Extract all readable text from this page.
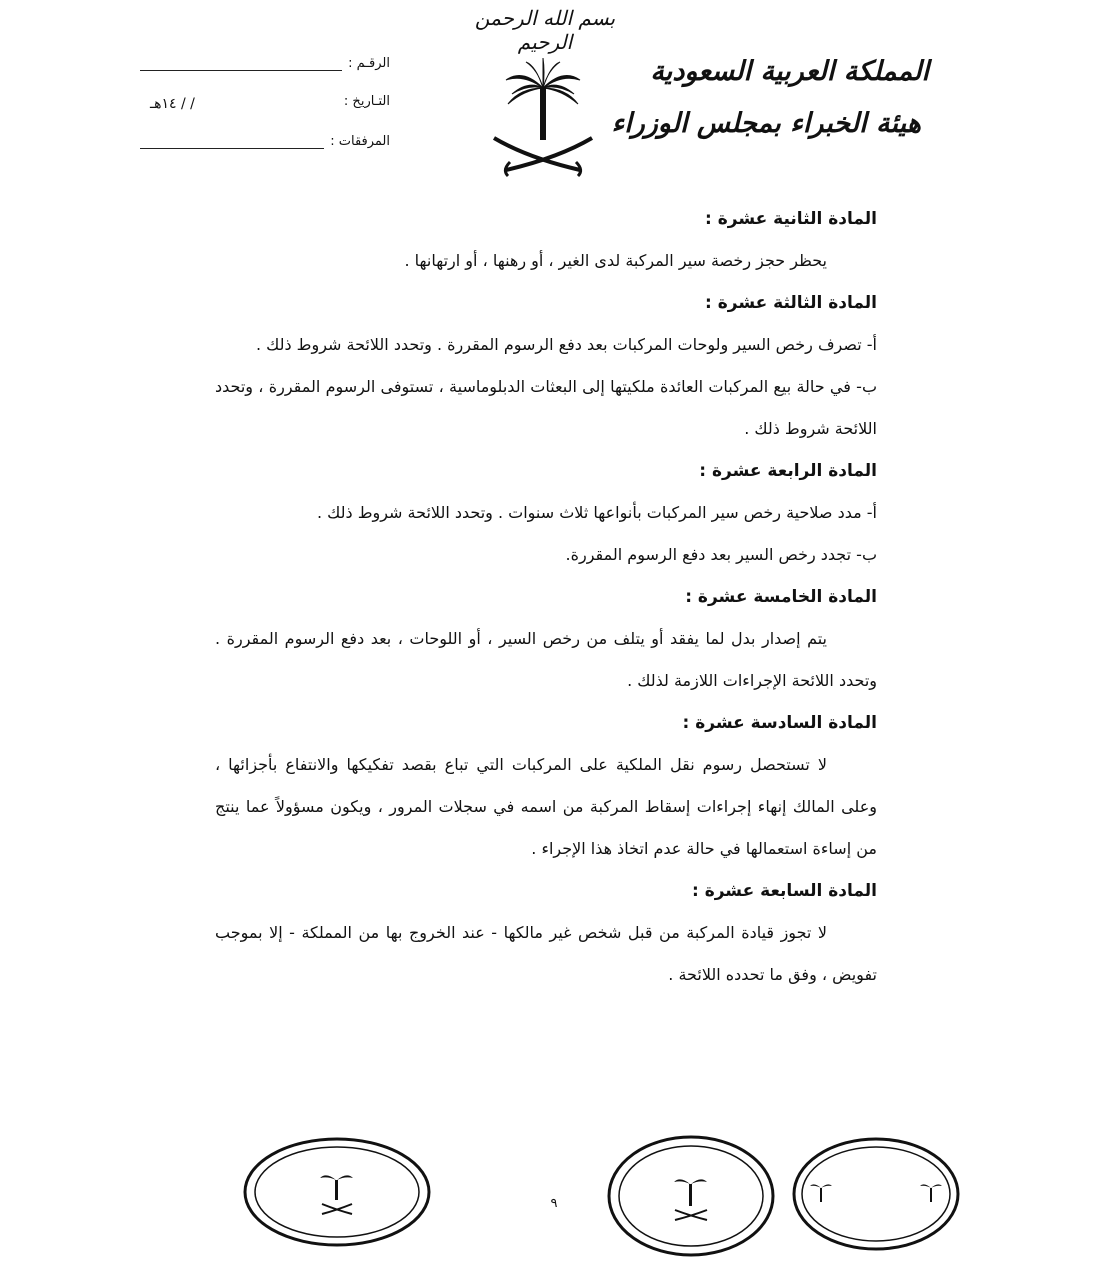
بسم الله الرحمن الرحيم
المملكة العربية السعودية
هيئة الخبراء بمجلس الوزراء
الرقـم :
التـاريخ :
/ / ١٤هـ
المرفقات :
المادة الثانية عشرة :
يحظر حجز رخصة سير المركبة لدى الغير ، أو رهنها ، أو ارتهانها .
المادة الثالثة عشرة :
أ- تصرف رخص السير ولوحات المركبات بعد دفع الرسوم المقررة . وتحدد اللائحة شروط ذلك .
ب- في حالة بيع المركبات العائدة ملكيتها إلى البعثات الدبلوماسية ، تستوفى الرسوم المقررة ، وتحدد اللائحة شروط ذلك .
المادة الرابعة عشرة :
أ- مدد صلاحية رخص سير المركبات بأنواعها ثلاث سنوات . وتحدد اللائحة شروط ذلك .
ب- تجدد رخص السير بعد دفع الرسوم المقررة.
المادة الخامسة عشرة :
يتم إصدار بدل لما يفقد أو يتلف من رخص السير ، أو اللوحات ، بعد دفع الرسوم المقررة . وتحدد اللائحة الإجراءات اللازمة لذلك .
المادة السادسة عشرة :
لا تستحصل رسوم نقل الملكية على المركبات التي تباع بقصد تفكيكها والانتفاع بأجزائها ، وعلى المالك إنهاء إجراءات إسقاط المركبة من اسمه في سجلات المرور ، ويكون مسؤولاً عما ينتج من إساءة استعمالها في حالة عدم اتخاذ هذا الإجراء .
المادة السابعة عشرة :
لا تجوز قيادة المركبة من قبل شخص غير مالكها - عند الخروج بها من المملكة - إلا بموجب تفويض ، وفق ما تحدده اللائحة .
٩
